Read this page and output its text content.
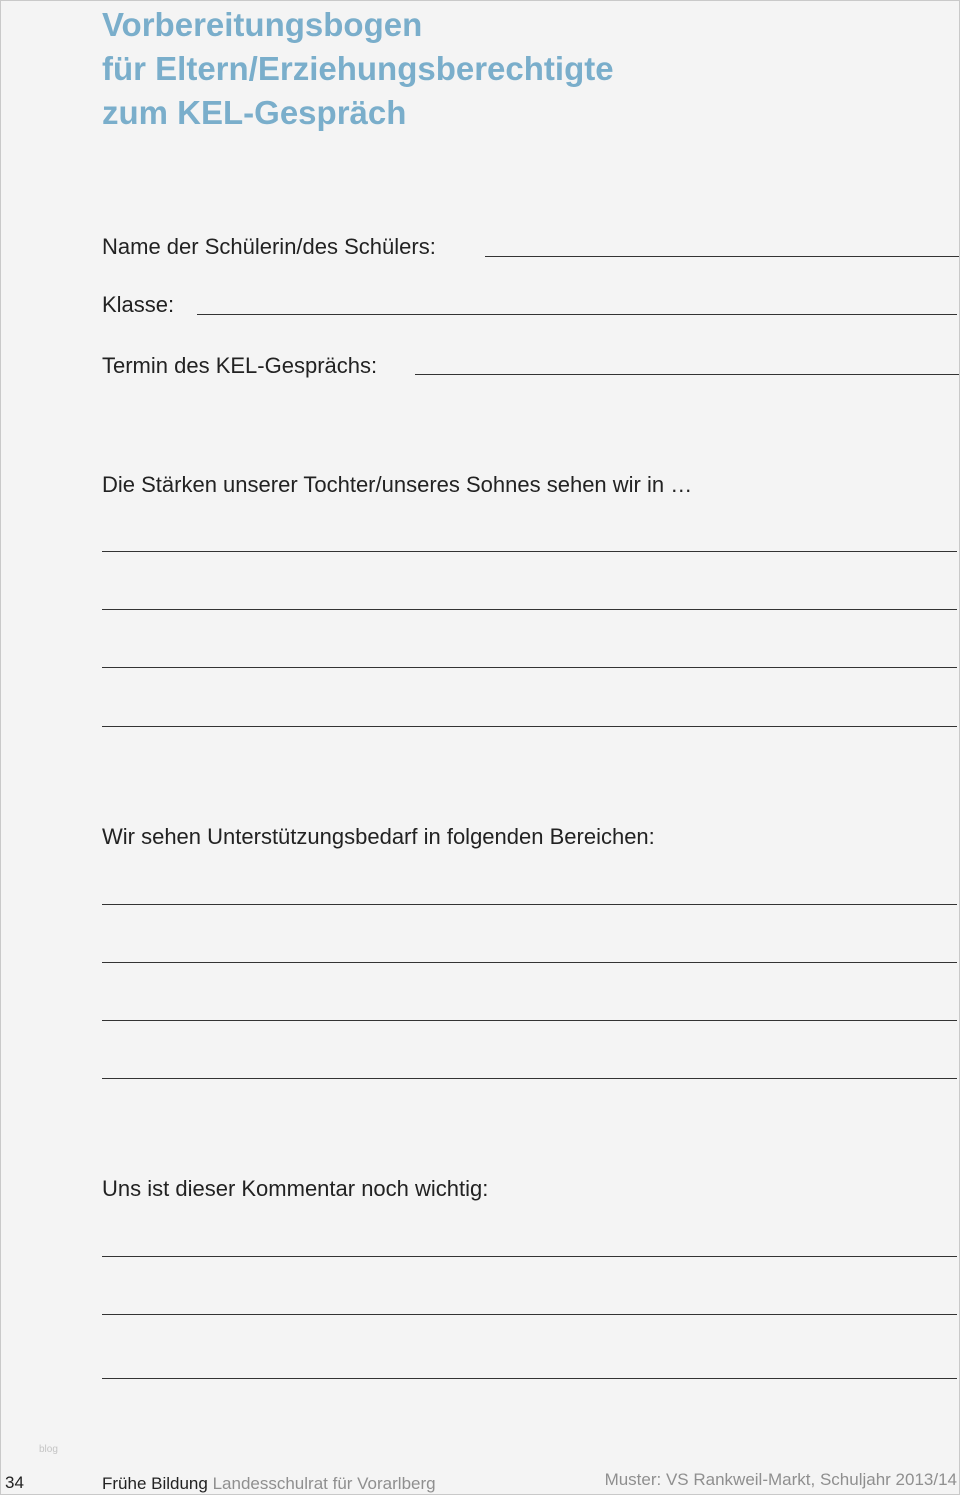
Vorbereitungsbogen
für Eltern/Erziehungsberechtigte
zum KEL-Gespräch
Name der Schülerin/des Schülers:
Klasse:
Termin des KEL-Gesprächs:
Die Stärken unserer Tochter/unseres Sohnes sehen wir in …
Wir sehen Unterstützungsbedarf in folgenden Bereichen:
Uns ist dieser Kommentar noch wichtig:
blog
34	Frühe Bildung Landesschulrat für Vorarlberg	Muster: VS Rankweil-Markt, Schuljahr 2013/14
